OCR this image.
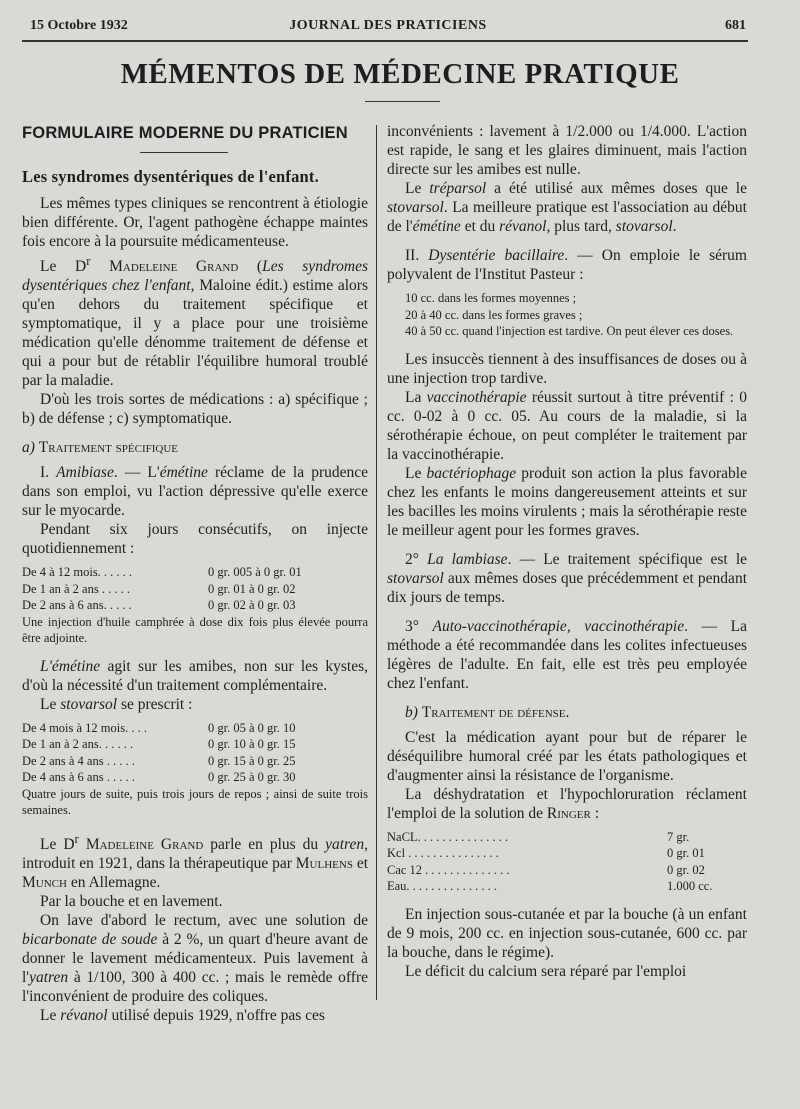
15 Octobre 1932	JOURNAL DES PRATICIENS	681
MÉMENTOS DE MÉDECINE PRATIQUE
FORMULAIRE MODERNE DU PRATICIEN
Les syndromes dysentériques de l'enfant.

Les mêmes types cliniques se rencontrent à étiologie bien différente. Or, l'agent pathogène échappe maintes fois encore à la poursuite médicamenteuse.

Le $D^r$ Madeleine Grand (Les syndromes dysentériques chez l'enfant, Maloine édit.) estime alors qu'en dehors du traitement spécifique et symptomatique, il y a place pour une troisième médication qu'elle dénomme traitement de défense et qui a pour but de rétablir l'équilibre humoral troublé par la maladie.

D'où les trois sortes de médications : a) spécifique ; b) de défense ; c) symptomatique.

a) Traitement spécifique

I. Amibiase. — L'émétine réclame de la prudence dans son emploi, vu l'action dépressive qu'elle exerce sur le myocarde.

Pendant six jours consécutifs, on injecte quotidiennement :

De 4 à 12 mois. . . . . .	0 gr. 005 à 0 gr. 01
De 1 an à 2 ans . . . . .	0 gr. 01 à 0 gr. 02
De 2 ans à 6 ans. . . . .	0 gr. 02 à 0 gr. 03

Une injection d'huile camphrée à dose dix fois plus élevée pourra être adjointe.

L'émétine agit sur les amibes, non sur les kystes, d'où la nécessité d'un traitement complémentaire.

Le stovarsol se prescrit :

De 4 mois à 12 mois. . . .	0 gr. 05 à 0 gr. 10
De 1 an à 2 ans. . . . . .	0 gr. 10 à 0 gr. 15
De 2 ans à 4 ans . . . . .	0 gr. 15 à 0 gr. 25
De 4 ans à 6 ans . . . . .	0 gr. 25 à 0 gr. 30

Quatre jours de suite, puis trois jours de repos ; ainsi de suite trois semaines.

Le $D^r$ Madeleine Grand parle en plus du yatren, introduit en 1921, dans la thérapeutique par Mulhens et Munch en Allemagne.

Par la bouche et en lavement.

On lave d'abord le rectum, avec une solution de bicarbonate de soude à 2 %, un quart d'heure avant de donner le lavement médicamenteux. Puis lavement à l'yatren à 1/100, 300 à 400 cc. ; mais le remède offre l'inconvénient de produire des coliques.

Le révanol utilisé depuis 1929, n'offre pas ces

inconvénients : lavement à 1/2.000 ou 1/4.000. L'action est rapide, le sang et les glaires diminuent, mais l'action directe sur les amibes est nulle.

Le tréparsol a été utilisé aux mêmes doses que le stovarsol. La meilleure pratique est l'association au début de l'émétine et du révanol, plus tard, stovarsol.

II. Dysentérie bacillaire. — On emploie le sérum polyvalent de l'Institut Pasteur :

10 cc. dans les formes moyennes ;

20 à 40 cc. dans les formes graves ;

40 à 50 cc. quand l'injection est tardive. On peut élever ces doses.

Les insuccès tiennent à des insuffisances de doses ou à une injection trop tardive.

La vaccinothérapie réussit surtout à titre préventif : 0 cc. 0-02 à 0 cc. 05. Au cours de la maladie, si la sérothérapie échoue, on peut compléter le traitement par la vaccinothérapie.

Le bactériophage produit son action la plus favorable chez les enfants le moins dangereusement atteints et sur les bacilles les moins virulents ; mais la sérothérapie reste le meilleur agent pour les formes graves.

2° La lambiase. — Le traitement spécifique est le stovarsol aux mêmes doses que précédemment et pendant dix jours de temps.

3° Auto-vaccinothérapie, vaccinothérapie. — La méthode a été recommandée dans les colites infectueuses légères de l'adulte. En fait, elle est très peu employée chez l'enfant.

b) Traitement de défense.

C'est la médication ayant pour but de réparer le déséquilibre humoral créé par les états pathologiques et d'augmenter ainsi la résistance de l'organisme.

La déshydratation et l'hypochloruration réclament l'emploi de la solution de Ringer :

NaCL. . . . . . . . . . . . . . .	7 gr.
Kcl . . . . . . . . . . . . . . .	0 gr. 01
Cac 12 . . . . . . . . . . . . . .	0 gr. 02
Eau. . . . . . . . . . . . . . .	1.000 cc.

En injection sous-cutanée et par la bouche (à un enfant de 9 mois, 200 cc. en injection sous-cutanée, 600 cc. par la bouche, dans le régime).

Le déficit du calcium sera réparé par l'emploi
